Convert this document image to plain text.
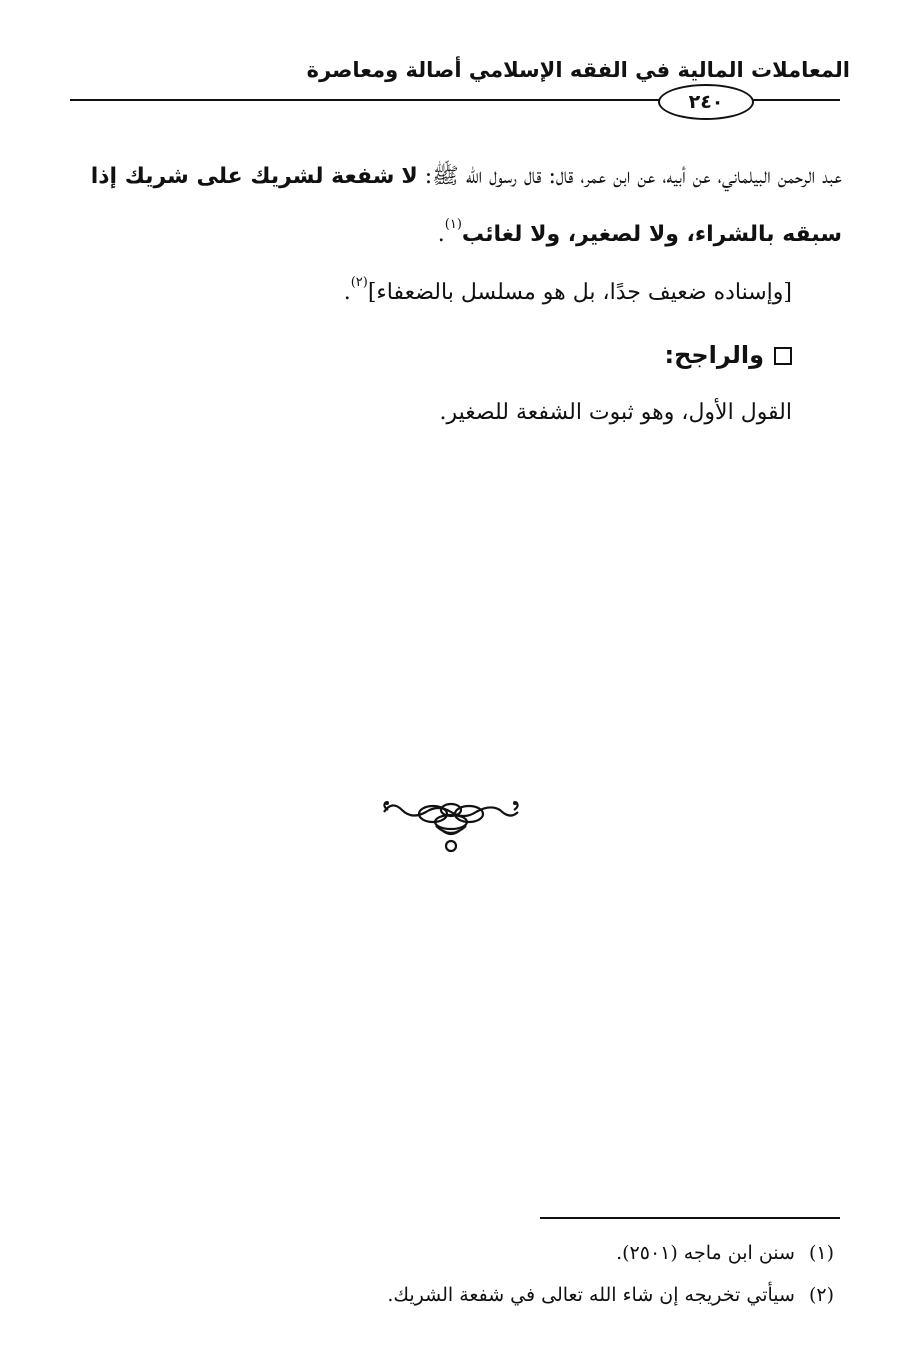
المعاملات المالية في الفقه الإسلامي أصالة ومعاصرة
٢٤٠

عبد الرحمن البيلماني، عن أبيه، عن ابن عمر، قال: قال رسول الله ﷺ: لا شفعة لشريك على شريك إذا سبقه بالشراء، ولا لصغير، ولا لغائب$^{(١)}$.

[وإسناده ضعيف جدًا، بل هو مسلسل بالضعفاء]$^{(٢)}$.

والراجح:

القول الأول، وهو ثبوت الشفعة للصغير.

(١)سنن ابن ماجه (٢٥٠١).

(٢)سيأتي تخريجه إن شاء الله تعالى في شفعة الشريك.
